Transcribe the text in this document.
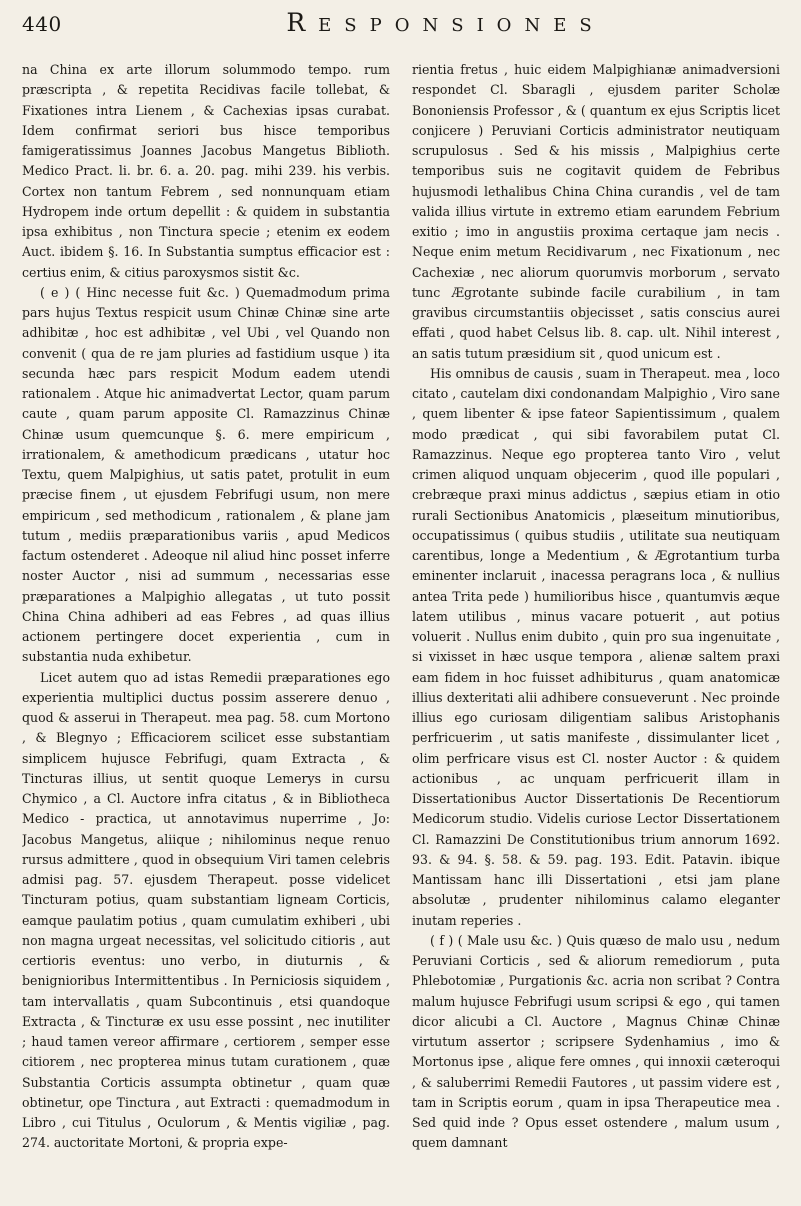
440	Responsiones

na China ex arte illorum solummodo tempo. rum præscripta , & repetita Recidivas facile tollebat, & Fixationes intra Lienem , & Cachexias ipsas curabat. Idem confirmat seriori bus hisce temporibus famigeratissimus Joannes Jacobus Mangetus Biblioth. Medico Pract. li. br. 6. a. 20. pag. mihi 239. his verbis. Cortex non tantum Febrem , sed nonnunquam etiam Hydropem inde ortum depellit : & quidem in substantia ipsa exhibitus , non Tinctura specie ; etenim ex eodem Auct. ibidem §. 16. In Substantia sumptus efficacior est : certius enim, & citius paroxysmos sistit &c.

( e ) ( Hinc necesse fuit &c. ) Quemadmodum prima pars hujus Textus respicit usum Chinæ Chinæ sine arte adhibitæ , hoc est adhibitæ , vel Ubi , vel Quando non convenit ( qua de re jam pluries ad fastidium usque ) ita secunda hæc pars respicit Modum eadem utendi rationalem . Atque hic animadvertat Lector, quam parum caute , quam parum apposite Cl. Ramazzinus Chinæ Chinæ usum quemcunque §. 6. mere empiricum , irrationalem, & amethodicum prædicans , utatur hoc Textu, quem Malpighius, ut satis patet, protulit in eum præcise finem , ut ejusdem Febrifugi usum, non mere empiricum , sed methodicum , rationalem , & plane jam tutum , mediis præparationibus variis , apud Medicos factum ostenderet . Adeoque nil aliud hinc posset inferre noster Auctor , nisi ad summum , necessarias esse præparationes a Malpighio allegatas , ut tuto possit China China adhiberi ad eas Febres , ad quas illius actionem pertingere docet experientia , cum in substantia nuda exhibetur.

Licet autem quo ad istas Remedii præparationes ego experientia multiplici ductus possim asserere denuo , quod & asserui in Therapeut. mea pag. 58. cum Mortono , & Blegnyo ; Efficaciorem scilicet esse substantiam simplicem hujusce Febrifugi, quam Extracta , & Tincturas illius, ut sentit quoque Lemerys in cursu Chymico , a Cl. Auctore infra citatus , & in Bibliotheca Medico - practica, ut annotavimus nuperrime , Jo: Jacobus Mangetus, aliique ; nihilominus neque renuo rursus admittere , quod in obsequium Viri tamen celebris admisi pag. 57. ejusdem Therapeut. posse videlicet Tincturam potius, quam substantiam ligneam Corticis, eamque paulatim potius , quam cumulatim exhiberi , ubi non magna urgeat necessitas, vel solicitudo citioris , aut certioris eventus: uno verbo, in diuturnis , & benignioribus Intermittentibus . In Perniciosis siquidem , tam intervallatis , quam Subcontinuis , etsi quandoque Extracta , & Tincturæ ex usu esse possint , nec inutiliter ; haud tamen vereor affirmare , certiorem , semper esse citiorem , nec propterea minus tutam curationem , quæ Substantia Corticis assumpta obtinetur , quam quæ obtinetur, ope Tinctura , aut Extracti : quemadmodum in Libro , cui Titulus , Oculorum , & Mentis vigiliæ , pag. 274. auctoritate Mortoni, & propria expe-

rientia fretus , huic eidem Malpighianæ animadversioni respondet Cl. Sbaragli , ejusdem pariter Scholæ Bononiensis Professor , & ( quantum ex ejus Scriptis licet conjicere ) Peruviani Corticis administrator neutiquam scrupulosus . Sed & his missis , Malpighius certe temporibus suis ne cogitavit quidem de Febribus hujusmodi lethalibus China China curandis , vel de tam valida illius virtute in extremo etiam earundem Febrium exitio ; imo in angustiis proxima certaque jam necis . Neque enim metum Recidivarum , nec Fixationum , nec Cachexiæ , nec aliorum quorumvis morborum , servato tunc Ægrotante subinde facile curabilium , in tam gravibus circumstantiis objecisset , satis conscius aurei effati , quod habet Celsus lib. 8. cap. ult. Nihil interest , an satis tutum præsidium sit , quod unicum est .

His omnibus de causis , suam in Therapeut. mea , loco citato , cautelam dixi condonandam Malpighio , Viro sane , quem libenter & ipse fateor Sapientissimum , qualem modo prædicat , qui sibi favorabilem putat Cl. Ramazzinus. Neque ego propterea tanto Viro , velut crimen aliquod unquam objecerim , quod ille populari , crebræque praxi minus addictus , sæpius etiam in otio rurali Sectionibus Anatomicis , plæseitum minutioribus, occupatissimus ( quibus studiis , utilitate sua neutiquam carentibus, longe a Medentium , & Ægrotantium turba eminenter inclaruit , inacessa peragrans loca , & nullius antea Trita pede ) humilioribus hisce , quantumvis æque latem utilibus , minus vacare potuerit , aut potius voluerit . Nullus enim dubito , quin pro sua ingenuitate , si vixisset in hæc usque tempora , alienæ saltem praxi eam fidem in hoc fuisset adhibiturus , quam anatomicæ illius dexteritati alii adhibere consueverunt . Nec proinde illius ego curiosam diligentiam salibus Aristophanis perfricuerim , ut satis manifeste , dissimulanter licet , olim perfricare visus est Cl. noster Auctor : & quidem actionibus , ac unquam perfricuerit illam in Dissertationibus Auctor Dissertationis De Recentiorum Medicorum studio. Videlis curiose Lector Dissertationem Cl. Ramazzini De Constitutionibus trium annorum 1692. 93. & 94. §. 58. & 59. pag. 193. Edit. Patavin. ibique Mantissam hanc illi Dissertationi , etsi jam plane absolutæ , prudenter nihilominus calamo eleganter inutam reperies .

( f ) ( Male usu &c. ) Quis quæso de malo usu , nedum Peruviani Corticis , sed & aliorum remediorum , puta Phlebotomiæ , Purgationis &c. acria non scribat ? Contra malum hujusce Febrifugi usum scripsi & ego , qui tamen dicor alicubi a Cl. Auctore , Magnus Chinæ Chinæ virtutum assertor ; scripsere Sydenhamius , imo & Mortonus ipse , alique fere omnes , qui innoxii cæteroqui , & saluberrimi Remedii Fautores , ut passim videre est , tam in Scriptis eorum , quam in ipsa Therapeutice mea . Sed quid inde ? Opus esset ostendere , malum usum , quem damnant
